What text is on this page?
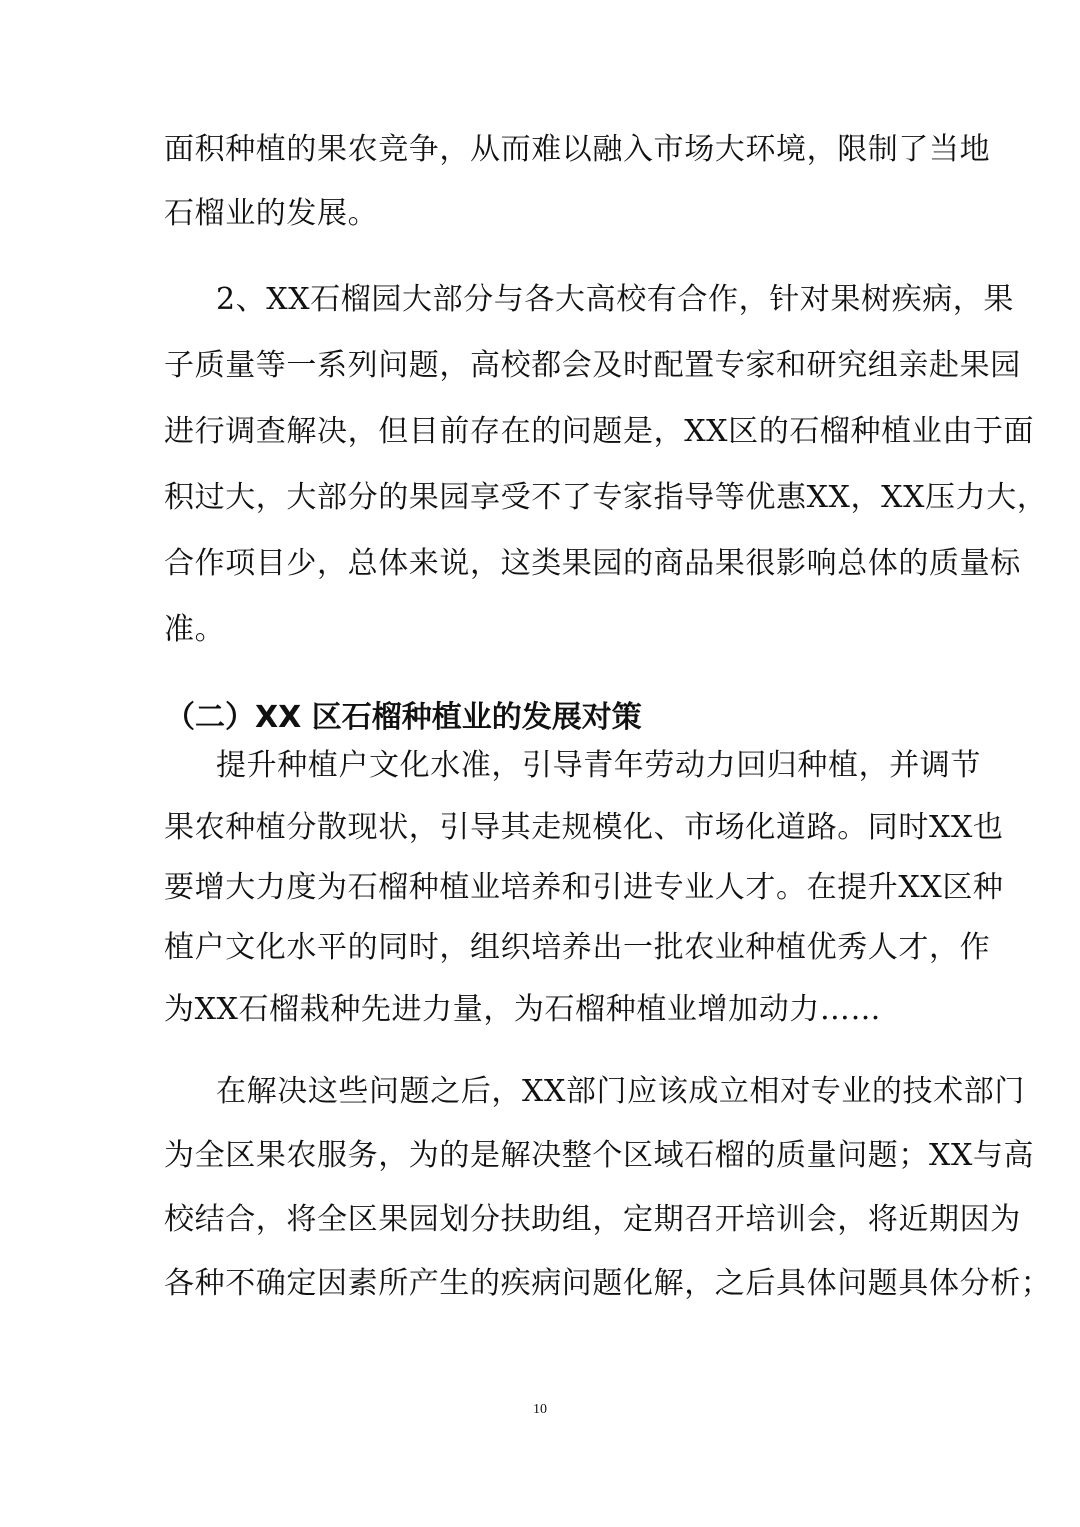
面积种植的果农竞争，从而难以融入市场大环境，限制了当地
石榴业的发展。
2、XX石榴园大部分与各大高校有合作，针对果树疾病，果
子质量等一系列问题，高校都会及时配置专家和研究组亲赴果园
进行调查解决，但目前存在的问题是，XX区的石榴种植业由于面
积过大，大部分的果园享受不了专家指导等优惠XX，XX压力大，
合作项目少，总体来说，这类果园的商品果很影响总体的质量标
准。
（二）XX 区石榴种植业的发展对策
提升种植户文化水准，引导青年劳动力回归种植，并调节
果农种植分散现状，引导其走规模化、市场化道路。同时XX也
要增大力度为石榴种植业培养和引进专业人才。在提升XX区种
植户文化水平的同时，组织培养出一批农业种植优秀人才，作
为XX石榴栽种先进力量，为石榴种植业增加动力……
在解决这些问题之后，XX部门应该成立相对专业的技术部门
为全区果农服务，为的是解决整个区域石榴的质量问题；XX与高
校结合，将全区果园划分扶助组，定期召开培训会，将近期因为
各种不确定因素所产生的疾病问题化解，之后具体问题具体分析；
10
